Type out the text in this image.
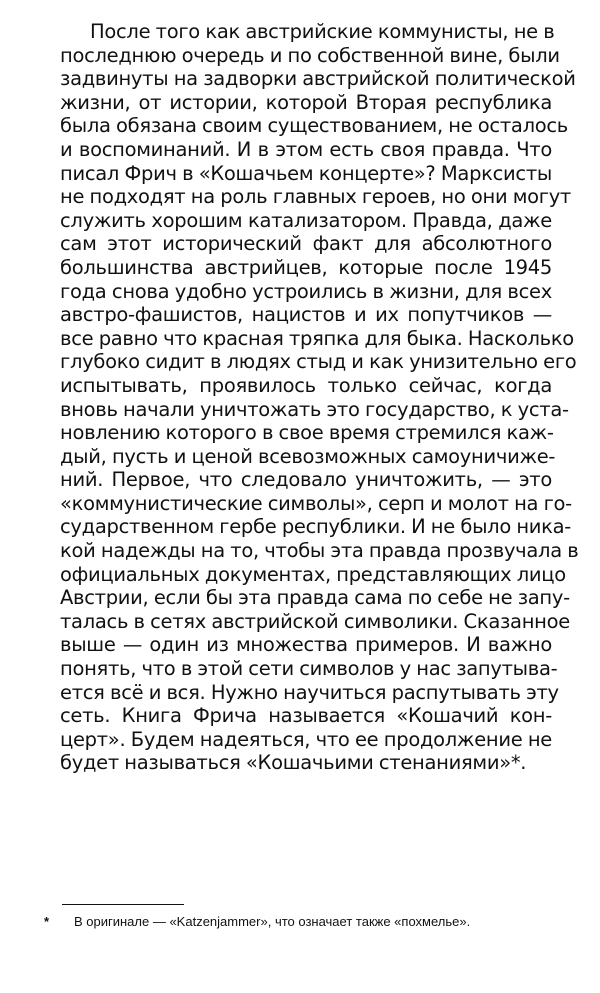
После того как австрийские коммунисты, не в
последнюю очередь и по собственной вине, были
задвинуты на задворки австрийской политической
жизни, от истории, которой Вторая республика
была обязана своим существованием, не осталось
и воспоминаний. И в этом есть своя правда. Что
писал Фрич в «Кошачьем концерте»? Марксисты
не подходят на роль главных героев, но они могут
служить хорошим катализатором. Правда, даже
сам этот исторический факт для абсолютного
большинства австрийцев, которые после 1945
года снова удобно устроились в жизни, для всех
австро-фашистов, нацистов и их попутчиков —
все равно что красная тряпка для быка. Насколько
глубоко сидит в людях стыд и как унизительно его
испытывать, проявилось только сейчас, когда
вновь начали уничтожать это государство, к уста-
новлению которого в свое время стремился каж-
дый, пусть и ценой всевозможных самоуничиже-
ний. Первое, что следовало уничтожить, — это
«коммунистические символы», серп и молот на го-
сударственном гербе республики. И не было ника-
кой надежды на то, чтобы эта правда прозвучала в
официальных документах, представляющих лицо
Австрии, если бы эта правда сама по себе не запу-
талась в сетях австрийской символики. Сказанное
выше — один из множества примеров. И важно
понять, что в этой сети символов у нас запутыва-
ется всё и вся. Нужно научиться распутывать эту
сеть. Книга Фрича называется «Кошачий кон-
церт». Будем надеяться, что ее продолжение не
будет называться «Кошачьими стенаниями»*.
* В оригинале — «Katzenjammer», что означает также «похмелье».
